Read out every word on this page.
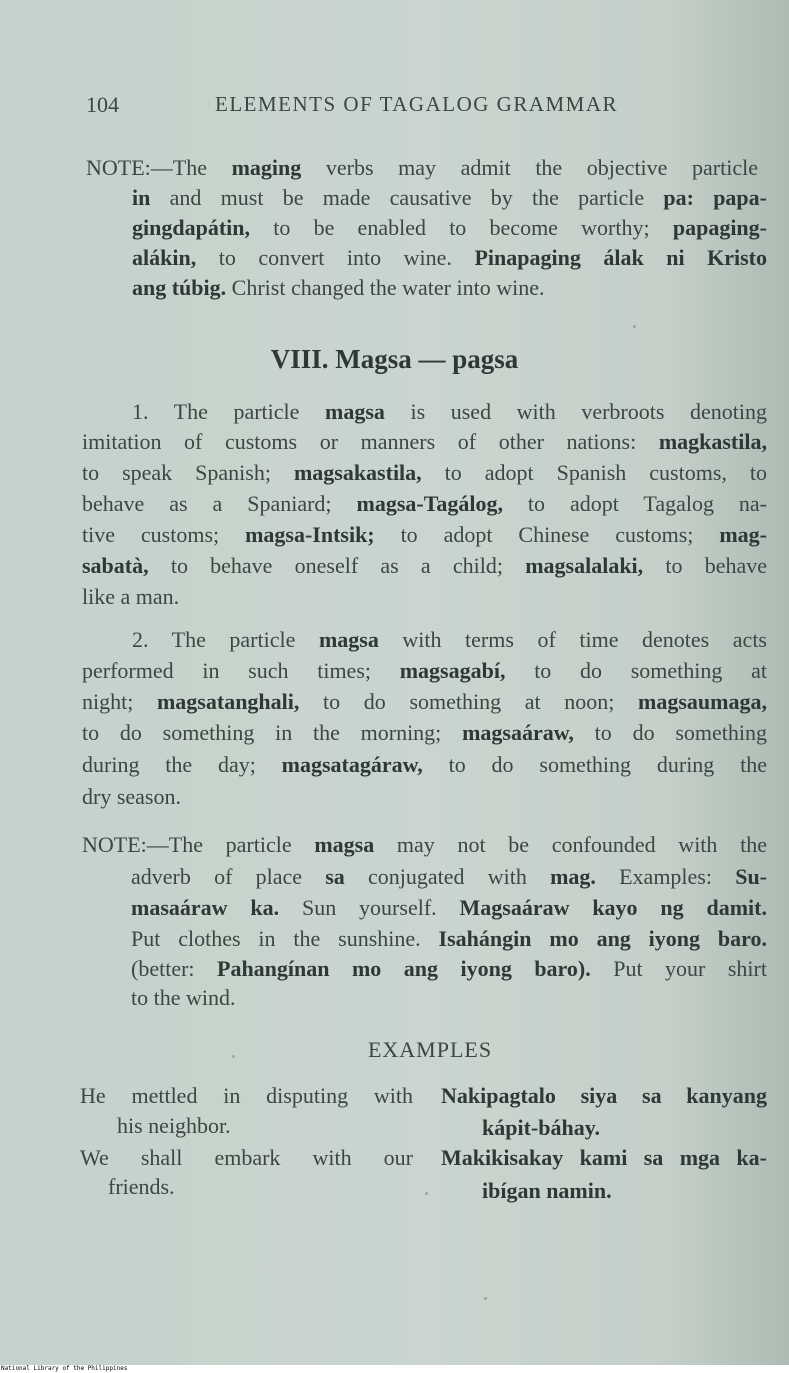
104	ELEMENTS OF TAGALOG GRAMMAR
NOTE:—The maging verbs may admit the objective particle
in and must be made causative by the particle pa: papa-
gingdapátin, to be enabled to become worthy; papaging-
alákin, to convert into wine. Pinapaging álak ni Kristo
ang túbig. Christ changed the water into wine.
VIII. Magsa — pagsa
1. The particle magsa is used with verbroots denoting
imitation of customs or manners of other nations: magkastila,
to speak Spanish; magsakastila, to adopt Spanish customs, to
behave as a Spaniard; magsa-Tagálog, to adopt Tagalog na-
tive customs; magsa-Intsik; to adopt Chinese customs; mag-
sabatà, to behave oneself as a child; magsalalaki, to behave
like a man.
2. The particle magsa with terms of time denotes acts
performed in such times; magsagabí, to do something at
night; magsatanghali, to do something at noon; magsaumaga,
to do something in the morning; magsaáraw, to do something
during the day; magsatagáraw, to do something during the
dry season.
NOTE:—The particle magsa may not be confounded with the
adverb of place sa conjugated with mag. Examples: Su-
masaáraw ka. Sun yourself. Magsaáraw kayo ng damit.
Put clothes in the sunshine. Isahángin mo ang iyong baro.
(better: Pahangínan mo ang iyong baro). Put your shirt
to the wind.
EXAMPLES
He mettled in disputing with
his neighbor.
Nakipagtalo siya sa kanyang
kápit-báhay.
We shall embark with our
friends.
Makikisakay kami sa mga ka-
ibígan namin.
National Library of the Philippines
